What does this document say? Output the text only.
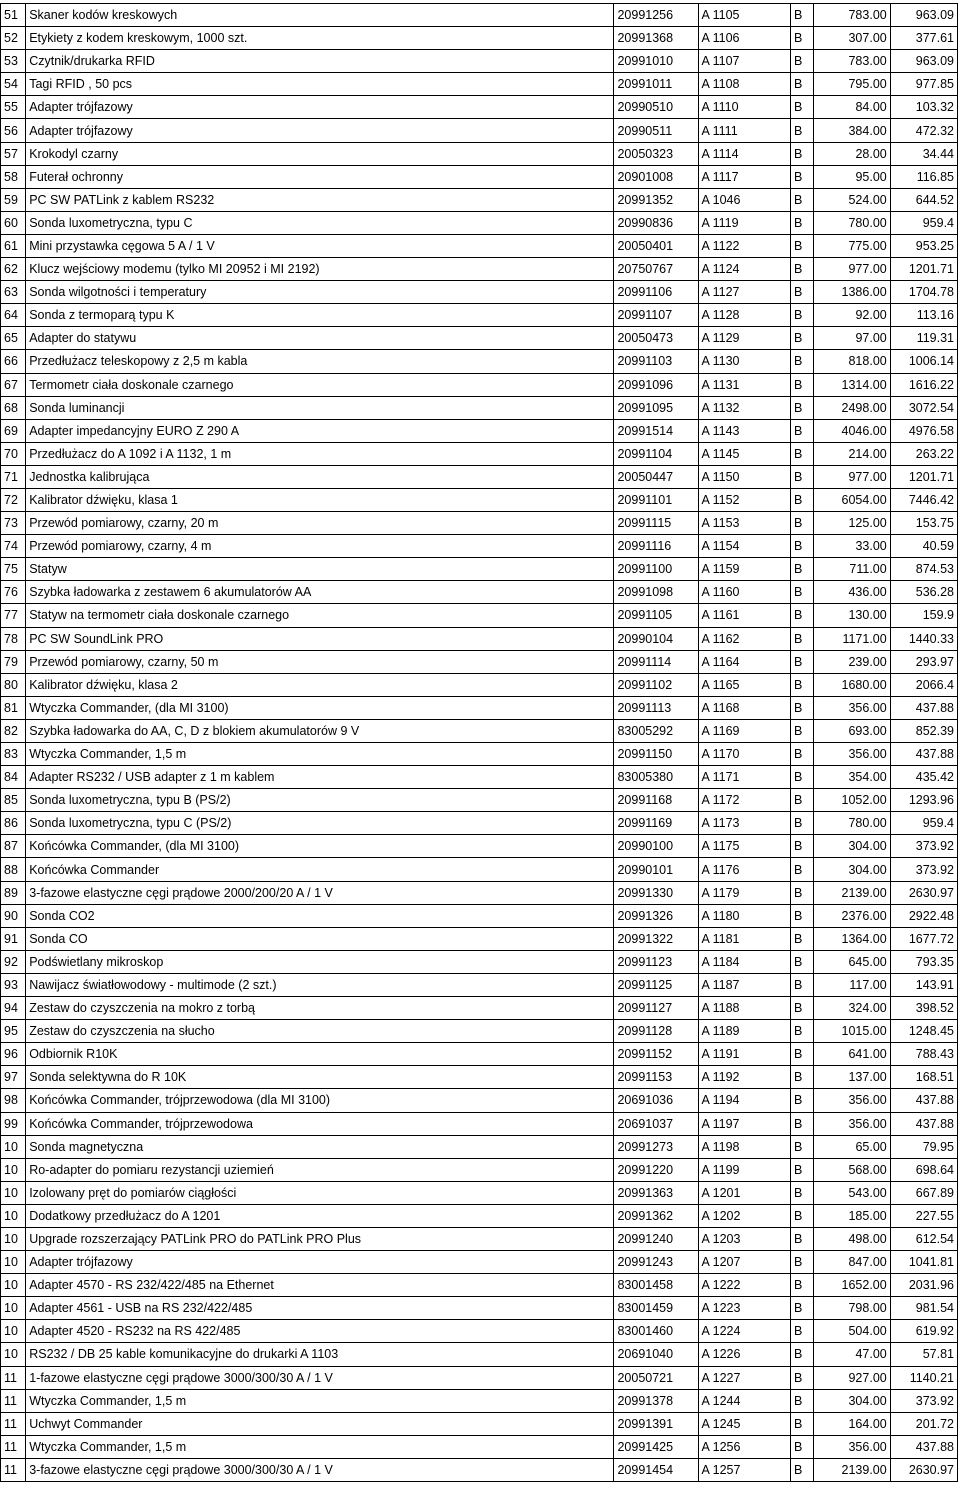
51	Skaner kodów kreskowych	20991256	A 1105	B	783.00	963.09
52	Etykiety z kodem kreskowym, 1000 szt.	20991368	A 1106	B	307.00	377.61
53	Czytnik/drukarka RFID	20991010	A 1107	B	783.00	963.09
54	Tagi RFID , 50 pcs	20991011	A 1108	B	795.00	977.85
55	Adapter trójfazowy	20990510	A 1110	B	84.00	103.32
56	Adapter trójfazowy	20990511	A 1111	B	384.00	472.32
57	Krokodyl czarny	20050323	A 1114	B	28.00	34.44
58	Futerał ochronny	20901008	A 1117	B	95.00	116.85
59	PC SW PATLink z kablem RS232	20991352	A 1046	B	524.00	644.52
60	Sonda luxometryczna, typu C	20990836	A 1119	B	780.00	959.4
61	Mini przystawka cęgowa 5 A / 1 V	20050401	A 1122	B	775.00	953.25
62	Klucz wejściowy modemu (tylko MI 20952 i MI 2192)	20750767	A 1124	B	977.00	1201.71
63	Sonda wilgotności i temperatury	20991106	A 1127	B	1386.00	1704.78
64	Sonda z termoparą typu K	20991107	A 1128	B	92.00	113.16
65	Adapter do statywu	20050473	A 1129	B	97.00	119.31
66	Przedłużacz teleskopowy z 2,5 m kabla	20991103	A 1130	B	818.00	1006.14
67	Termometr ciała doskonale czarnego	20991096	A 1131	B	1314.00	1616.22
68	Sonda luminancji	20991095	A 1132	B	2498.00	3072.54
69	Adapter impedancyjny EURO Z 290 A	20991514	A 1143	B	4046.00	4976.58
70	Przedłużacz do A 1092 i A 1132, 1 m	20991104	A 1145	B	214.00	263.22
71	Jednostka kalibrująca	20050447	A 1150	B	977.00	1201.71
72	Kalibrator dźwięku, klasa 1	20991101	A 1152	B	6054.00	7446.42
73	Przewód pomiarowy, czarny, 20 m	20991115	A 1153	B	125.00	153.75
74	Przewód pomiarowy, czarny, 4 m	20991116	A 1154	B	33.00	40.59
75	Statyw	20991100	A 1159	B	711.00	874.53
76	Szybka ładowarka z zestawem 6 akumulatorów AA	20991098	A 1160	B	436.00	536.28
77	Statyw na termometr ciała doskonale czarnego	20991105	A 1161	B	130.00	159.9
78	PC SW SoundLink PRO	20990104	A 1162	B	1171.00	1440.33
79	Przewód pomiarowy, czarny, 50 m	20991114	A 1164	B	239.00	293.97
80	Kalibrator dźwięku, klasa 2	20991102	A 1165	B	1680.00	2066.4
81	Wtyczka Commander, (dla MI 3100)	20991113	A 1168	B	356.00	437.88
82	Szybka ładowarka do AA, C, D z blokiem akumulatorów 9 V	83005292	A 1169	B	693.00	852.39
83	Wtyczka Commander, 1,5 m	20991150	A 1170	B	356.00	437.88
84	Adapter RS232 / USB adapter z 1 m kablem	83005380	A 1171	B	354.00	435.42
85	Sonda luxometryczna, typu B (PS/2)	20991168	A 1172	B	1052.00	1293.96
86	Sonda luxometryczna, typu C (PS/2)	20991169	A 1173	B	780.00	959.4
87	Końcówka Commander, (dla MI 3100)	20990100	A 1175	B	304.00	373.92
88	Końcówka Commander	20990101	A 1176	B	304.00	373.92
89	3-fazowe elastyczne cęgi prądowe 2000/200/20 A / 1 V	20991330	A 1179	B	2139.00	2630.97
90	Sonda CO2	20991326	A 1180	B	2376.00	2922.48
91	Sonda CO	20991322	A 1181	B	1364.00	1677.72
92	Podświetlany mikroskop	20991123	A 1184	B	645.00	793.35
93	Nawijacz światłowodowy - multimode (2 szt.)	20991125	A 1187	B	117.00	143.91
94	Zestaw do czyszczenia na mokro z torbą	20991127	A 1188	B	324.00	398.52
95	Zestaw do czyszczenia na słucho	20991128	A 1189	B	1015.00	1248.45
96	Odbiornik R10K	20991152	A 1191	B	641.00	788.43
97	Sonda selektywna do R 10K	20991153	A 1192	B	137.00	168.51
98	Końcówka Commander, trójprzewodowa (dla MI 3100)	20691036	A 1194	B	356.00	437.88
99	Końcówka Commander, trójprzewodowa	20691037	A 1197	B	356.00	437.88
10	Sonda magnetyczna	20991273	A 1198	B	65.00	79.95
10	Ro-adapter do pomiaru rezystancji uziemień	20991220	A 1199	B	568.00	698.64
10	Izolowany pręt do pomiarów ciągłości	20991363	A 1201	B	543.00	667.89
10	Dodatkowy przedłużacz do A 1201	20991362	A 1202	B	185.00	227.55
10	Upgrade rozszerzający PATLink PRO do PATLink PRO Plus	20991240	A 1203	B	498.00	612.54
10	Adapter trójfazowy	20991243	A 1207	B	847.00	1041.81
10	Adapter 4570 - RS 232/422/485 na Ethernet	83001458	A 1222	B	1652.00	2031.96
10	Adapter 4561 - USB na RS 232/422/485	83001459	A 1223	B	798.00	981.54
10	Adapter 4520 - RS232 na RS 422/485	83001460	A 1224	B	504.00	619.92
10	RS232 / DB 25 kable komunikacyjne do drukarki A 1103	20691040	A 1226	B	47.00	57.81
11	1-fazowe elastyczne cęgi prądowe 3000/300/30 A / 1 V	20050721	A 1227	B	927.00	1140.21
11	Wtyczka Commander, 1,5 m	20991378	A 1244	B	304.00	373.92
11	Uchwyt Commander	20991391	A 1245	B	164.00	201.72
11	Wtyczka Commander, 1,5 m	20991425	A 1256	B	356.00	437.88
11	3-fazowe elastyczne cęgi prądowe 3000/300/30 A / 1 V	20991454	A 1257	B	2139.00	2630.97
